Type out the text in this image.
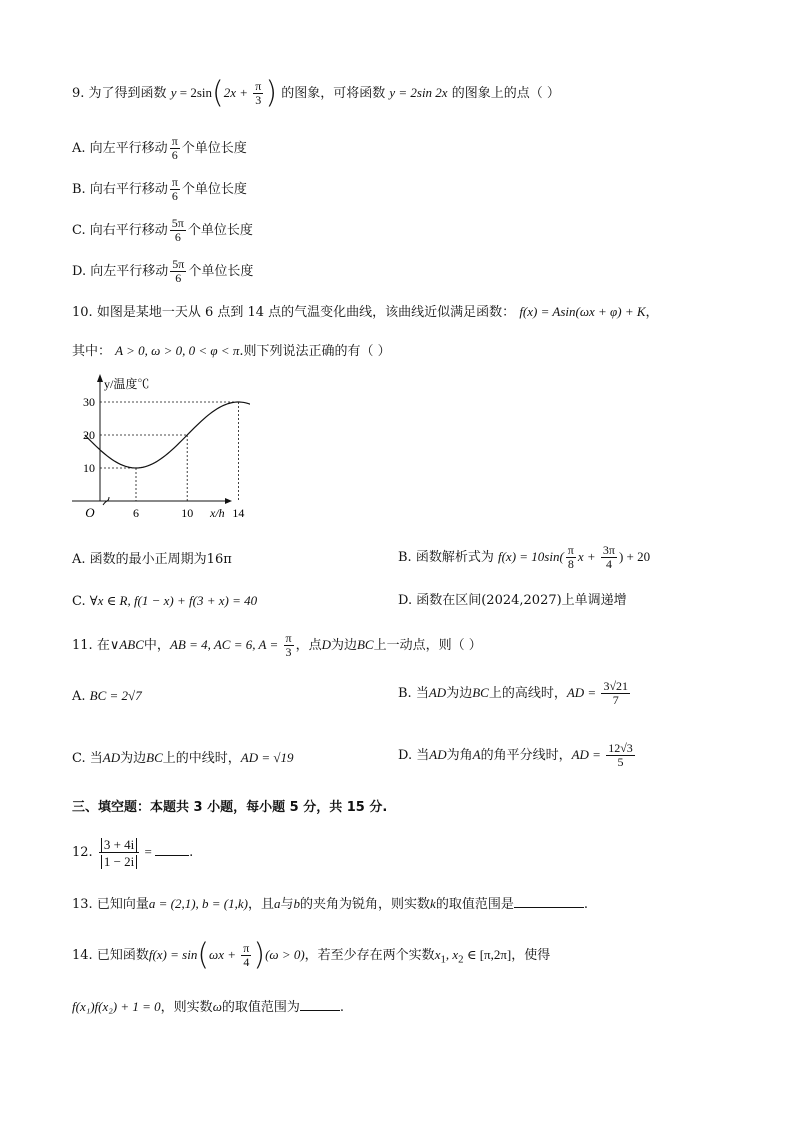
9. 为了得到函数 $y = 2\sin(2x + \frac{\pi}{3}$ ) 的图象，可将函数 y = 2sin 2x 的图象上的点（ ）
A. 向左平行移动 $\frac{\pi}{6}$ 个单位长度
B. 向右平行移动 $\frac{\pi}{6}$ 个单位长度
C. 向右平行移动 $\frac{5\pi}{6}$ 个单位长度
D. 向左平行移动 $\frac{5\pi}{6}$ 个单位长度
10. 如图是某地一天从 6 点到 14 点的气温变化曲线，该曲线近似满足函数： f(x) = Asin(ωx + φ) + K，
其中： A > 0, ω > 0, 0 < φ < π.则下列说法正确的有（ ）
10
20
30
6	10	14
O
y/温度℃
x/h
A. 函数的最小正周期为16π	B. 函数解析式为 $f(x) = 10\sin( \frac{\pi}{8}$ $x + \frac{3\pi}{4}$ ) + 20
C. ∀x ∈ R, f(1 − x) + f(3 + x) = 40	D. 函数在区间(2024,2027)上单调递增
11. 在∨ABC中，AB = 4, AC = 6, $A = \frac{\pi}{3}$ ，点D为边BC上一动点，则（ ）
A. BC = 2√7	B. 当AD为边BC上的高线时，AD = $\frac{3√21}{7}$
C. 当AD为边BC上的中线时，AD = √19	D. 当AD为角A的角平分线时，AD = $\frac{12√3}{5}$
三、填空题：本题共 3 小题，每小题 5 分，共 15 分.
12. $\frac{3 + 4i}{1 - 2i}$ =	.
13. 已知向量a = (2,1), b = (1,k)，且a与b的夹角为锐角，则实数k的取值范围是	.
14. 已知函数$f(x) = \sin(\omega x + \frac{\pi}{4} )(\omega > 0)$，若至少存在两个实数$x_1$, $x_2$ ∈ [π,2π]，使得
f(x₁)f(x₂) + 1 = 0，则实数ω的取值范围为	.
